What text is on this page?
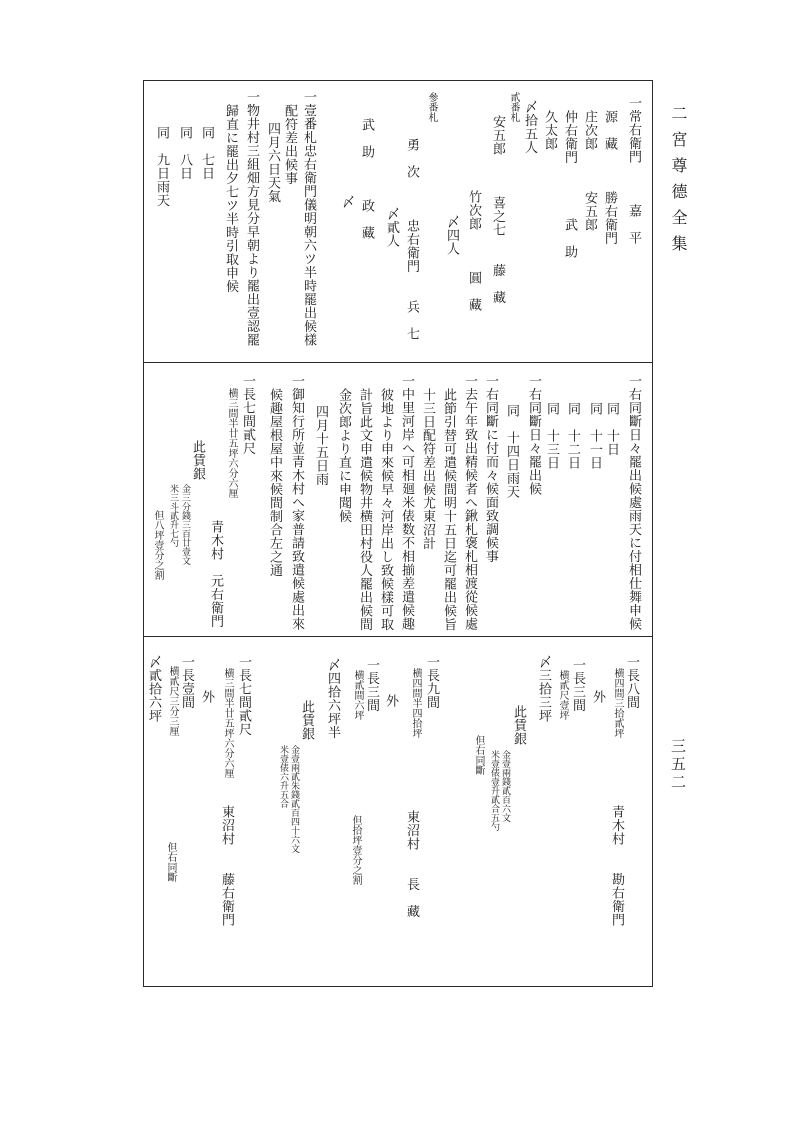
二宮尊德全集
三五二
一常右衛門　　　嘉　平
源　藏　　　勝右衛門
庄次郎　　　安五郎
仲右衛門　　　　武　助
久太郎
〆拾五人
貳番札
安五郎　　　喜之七　　藤　藏
竹次郎　　　圓　藏
〆四人
參番札
勇　次　　　忠右衛門　　兵　七
〆貳人
武　助　　　政　藏
〆
一壹番札忠右衛門儀明朝六ツ半時罷出候樣
配符差出候事
四月六日天氣
一物井村三組畑方見分早朝より罷出壹認罷
歸直に罷出夕七ツ半時引取申候
同　七日
同　八日
同　九日雨天
一右同斷日々罷出候處雨天に付相仕舞申候
同　十日
同　十一日
同　十二日
同　十三日
一右同斷日々罷出候
同　十四日雨天
一右同斷に付而々候面致調候事
一去午年致出精候者へ鍬札褒札相渡從候處
此節引替可遣候間明十五日迄可罷出候旨
十三日配符差出候尤東沼計
一中里河岸へ可相廻米俵数不相揃差遣候趣
彼地より申來候早々河岸出し致候樣可取
計旨此文申遣候物井横田村役人罷出候間
金次郎より直に申聞候
四月十五日雨
一御知行所並青木村へ家普請致遣候處出來
候趣屋根屋中來候間制合左之通
一長七間貳尺
横三間半廿五坪六分六厘
青木村　元右衛門
此賃銀
金三分錢三百廿壹文
米三斗貳升七勺
但八坪壹分之割
一長八間
横四間三拾貳坪
青木村　　勘右衛門
外
一長三間
横貳尺壹坪
〆三拾三坪
此賃銀
金壹兩錢貳百六文
米壹俵壹升貳合五勺
但右同斷
一長九間
横四間半四拾坪
東沼村　　長　藏
外
一長三間
横貳間六坪
但拾坪壹分之割
〆四拾六坪半
此賃銀
金壹兩貳朱錢貳百四十六文
米壹俵六升五合
一長七間貳尺
横三間半廿五坪六分六厘
東沼村　　藤右衛門
外
一長壹間
横貳尺三分三厘
但右同斷
〆貳拾六坪
